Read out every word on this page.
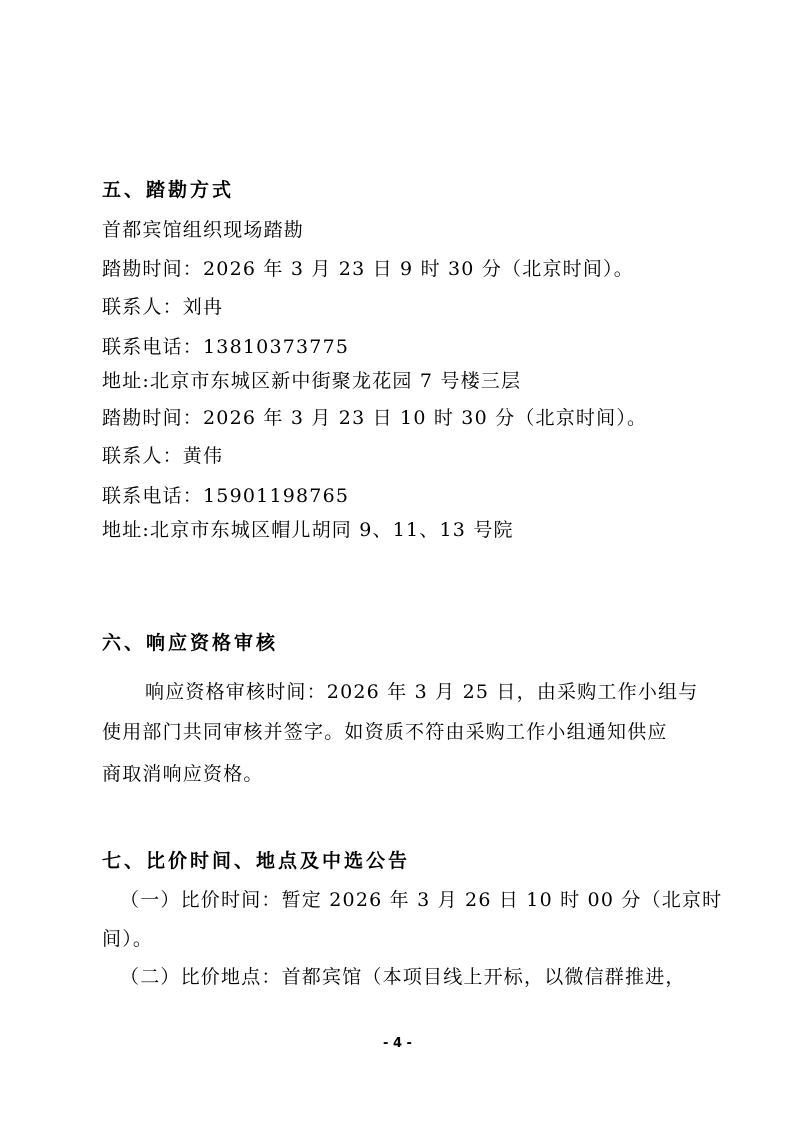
五、踏勘方式
首都宾馆组织现场踏勘
踏勘时间：2026 年 3 月 23 日 9 时 30 分（北京时间）。
联系人：刘冉
联系电话：13810373775
地址:北京市东城区新中街聚龙花园 7 号楼三层
踏勘时间：2026 年 3 月 23 日 10 时 30 分（北京时间）。
联系人：黄伟
联系电话：15901198765
地址:北京市东城区帽儿胡同 9、11、13 号院
六、响应资格审核
响应资格审核时间：2026 年 3 月 25 日，由采购工作小组与
使用部门共同审核并签字。如资质不符由采购工作小组通知供应
商取消响应资格。
七、比价时间、地点及中选公告
（一）比价时间：暂定 2026 年 3 月 26 日 10 时 00 分（北京时
间）。
（二）比价地点：首都宾馆（本项目线上开标，以微信群推进，
- 4 -
